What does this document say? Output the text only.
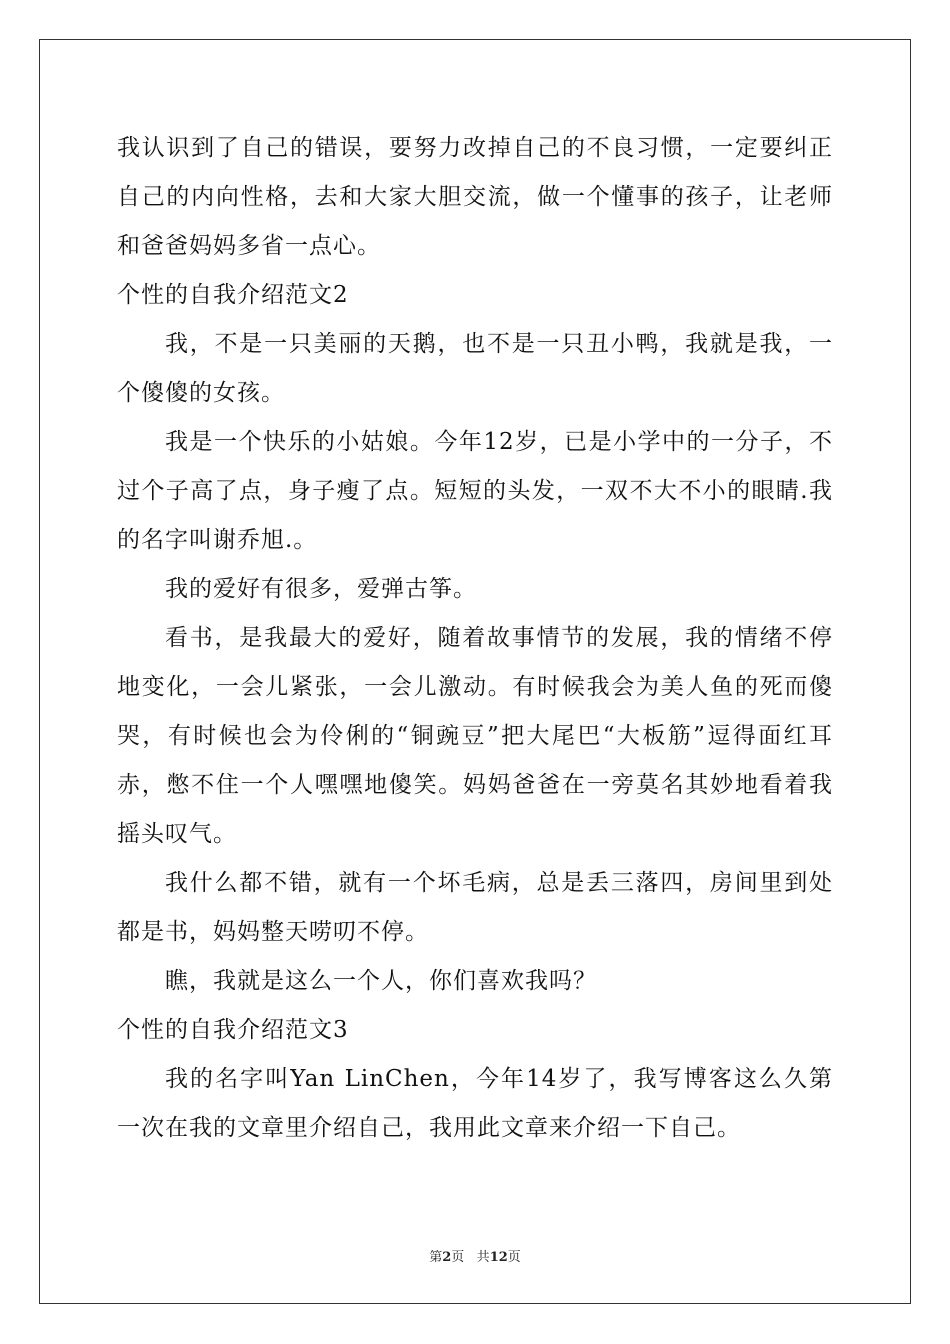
我认识到了自己的错误，要努力改掉自己的不良习惯，一定要纠正自己的内向性格，去和大家大胆交流，做一个懂事的孩子，让老师和爸爸妈妈多省一点心。

个性的自我介绍范文2

我，不是一只美丽的天鹅，也不是一只丑小鸭，我就是我，一个傻傻的女孩。

我是一个快乐的小姑娘。今年12岁，已是小学中的一分子，不过个子高了点，身子瘦了点。短短的头发，一双不大不小的眼睛.我的名字叫谢乔旭.。

我的爱好有很多，爱弹古筝。

看书，是我最大的爱好，随着故事情节的发展，我的情绪不停地变化，一会儿紧张，一会儿激动。有时候我会为美人鱼的死而傻哭，有时候也会为伶俐的“铜豌豆”把大尾巴“大板筋”逗得面红耳赤，憋不住一个人嘿嘿地傻笑。妈妈爸爸在一旁莫名其妙地看着我摇头叹气。

我什么都不错，就有一个坏毛病，总是丢三落四，房间里到处都是书，妈妈整天唠叨不停。

瞧，我就是这么一个人，你们喜欢我吗？

个性的自我介绍范文3

我的名字叫Yan LinChen，今年14岁了，我写博客这么久第一次在我的文章里介绍自己，我用此文章来介绍一下自己。

第2页 共12页
